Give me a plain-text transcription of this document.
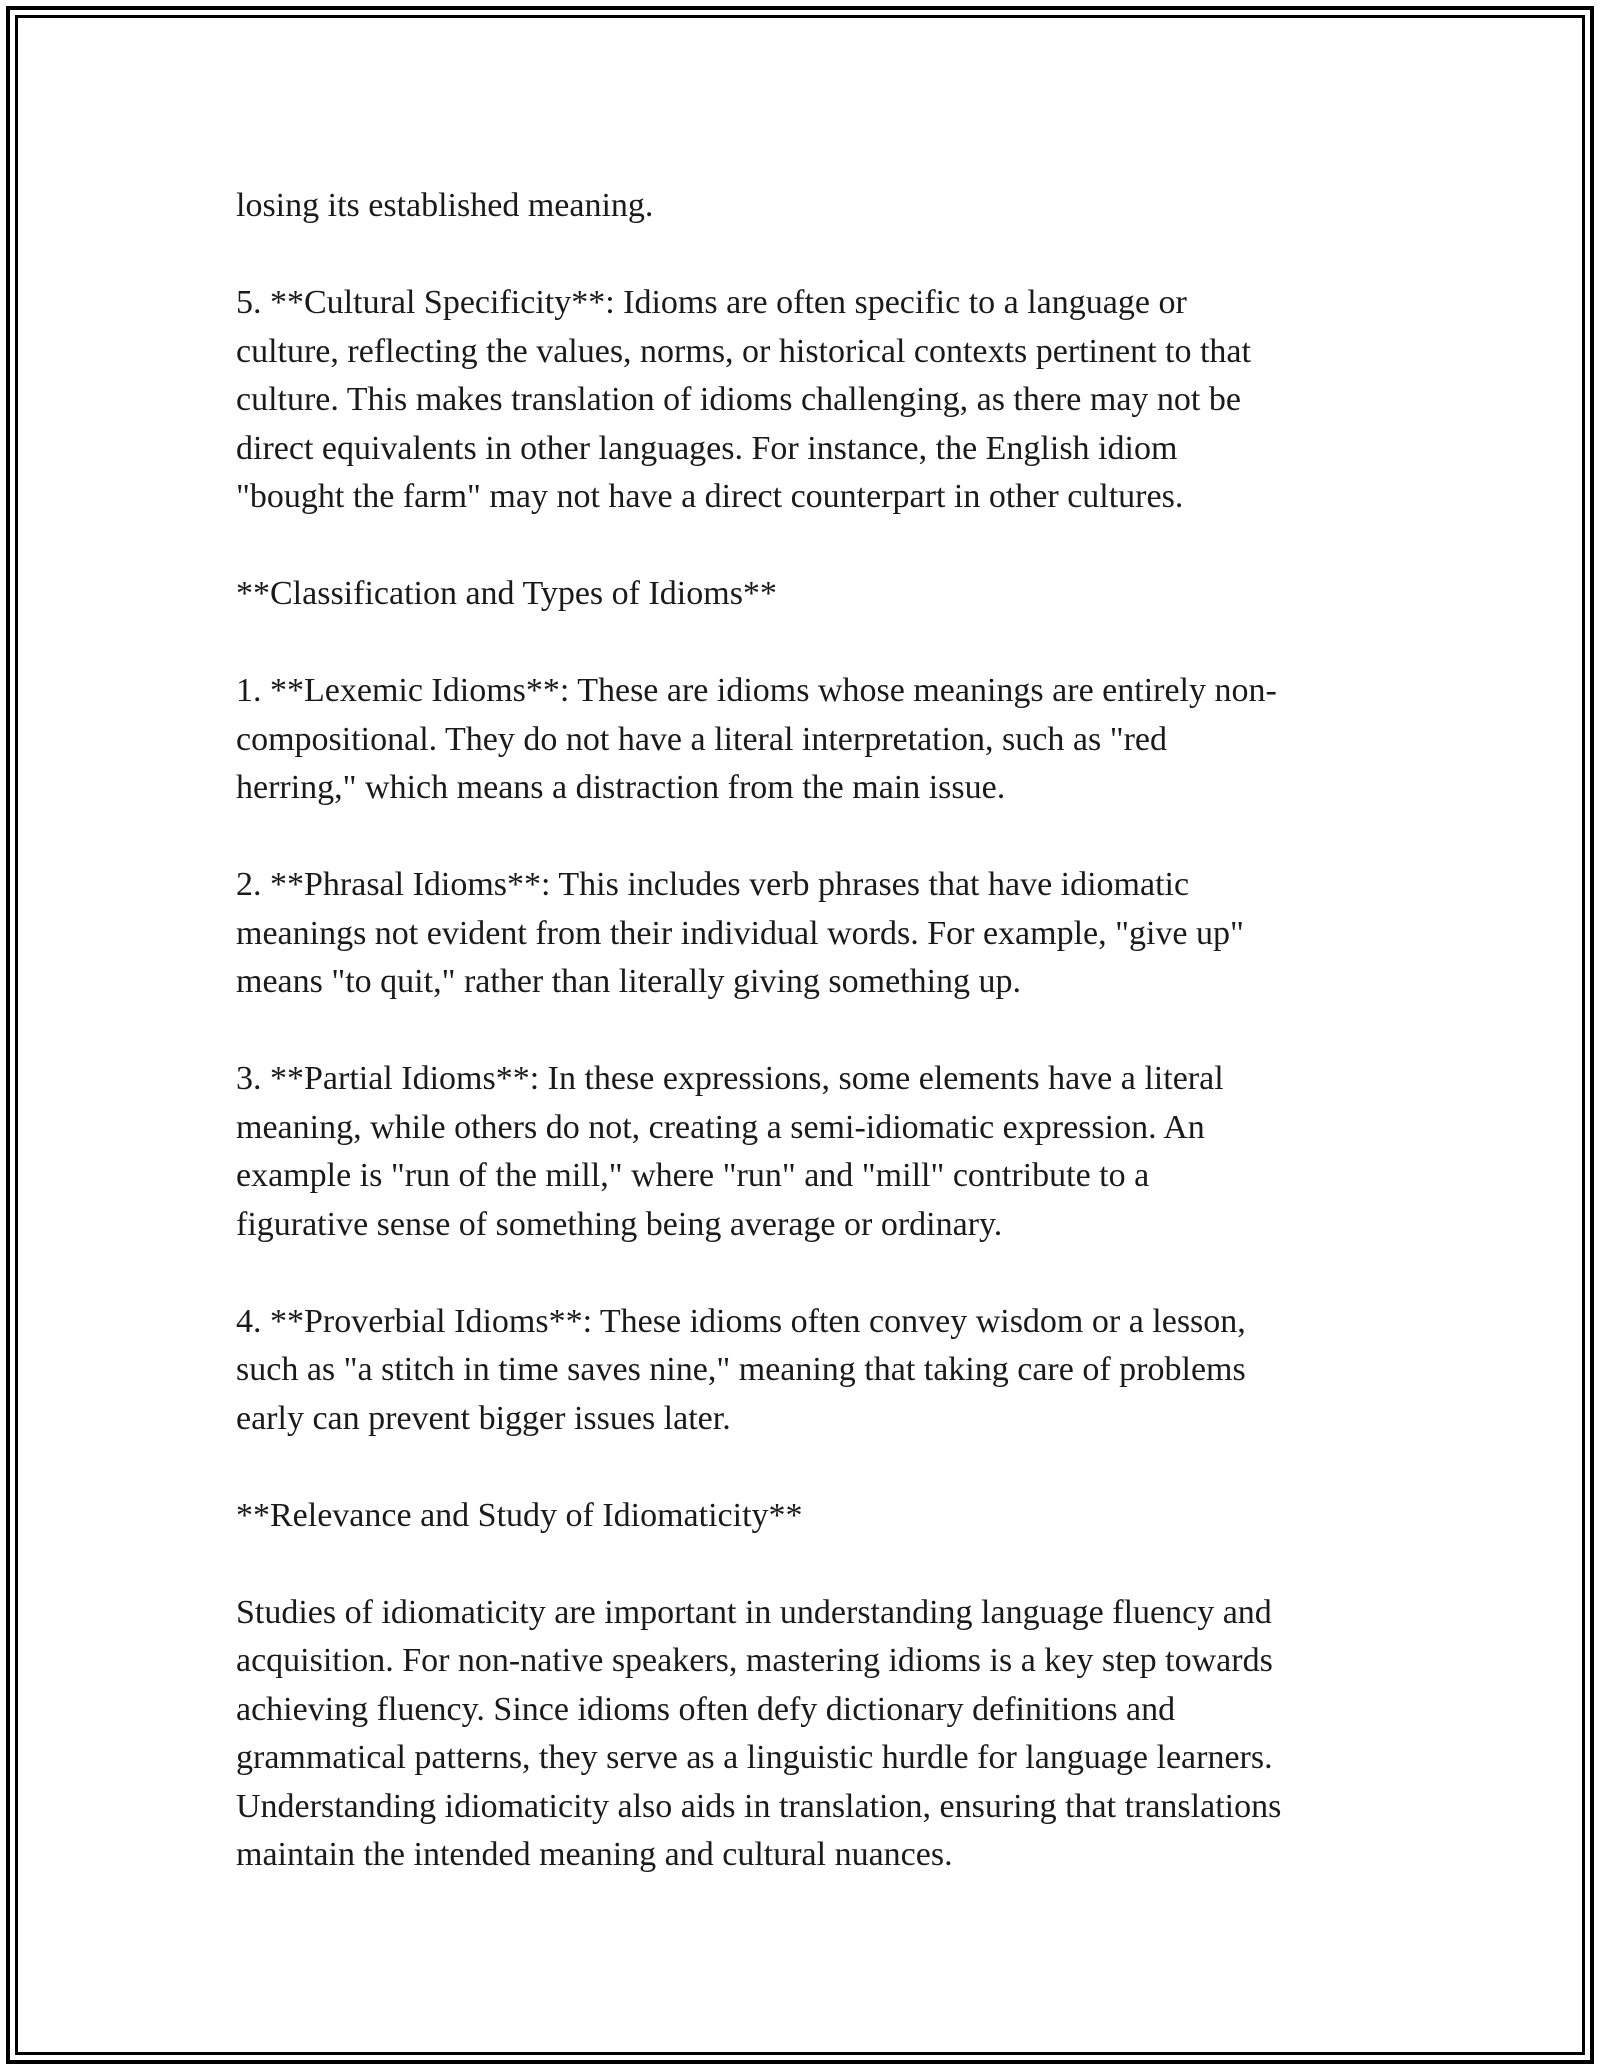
losing its established meaning.

5. **Cultural Specificity**: Idioms are often specific to a language or
culture, reflecting the values, norms, or historical contexts pertinent to that
culture. This makes translation of idioms challenging, as there may not be
direct equivalents in other languages. For instance, the English idiom
"bought the farm" may not have a direct counterpart in other cultures.

**Classification and Types of Idioms**

1. **Lexemic Idioms**: These are idioms whose meanings are entirely non-
compositional. They do not have a literal interpretation, such as "red
herring," which means a distraction from the main issue.

2. **Phrasal Idioms**: This includes verb phrases that have idiomatic
meanings not evident from their individual words. For example, "give up"
means "to quit," rather than literally giving something up.

3. **Partial Idioms**: In these expressions, some elements have a literal
meaning, while others do not, creating a semi-idiomatic expression. An
example is "run of the mill," where "run" and "mill" contribute to a
figurative sense of something being average or ordinary.

4. **Proverbial Idioms**: These idioms often convey wisdom or a lesson,
such as "a stitch in time saves nine," meaning that taking care of problems
early can prevent bigger issues later.

**Relevance and Study of Idiomaticity**

Studies of idiomaticity are important in understanding language fluency and
acquisition. For non-native speakers, mastering idioms is a key step towards
achieving fluency. Since idioms often defy dictionary definitions and
grammatical patterns, they serve as a linguistic hurdle for language learners.
Understanding idiomaticity also aids in translation, ensuring that translations
maintain the intended meaning and cultural nuances.
